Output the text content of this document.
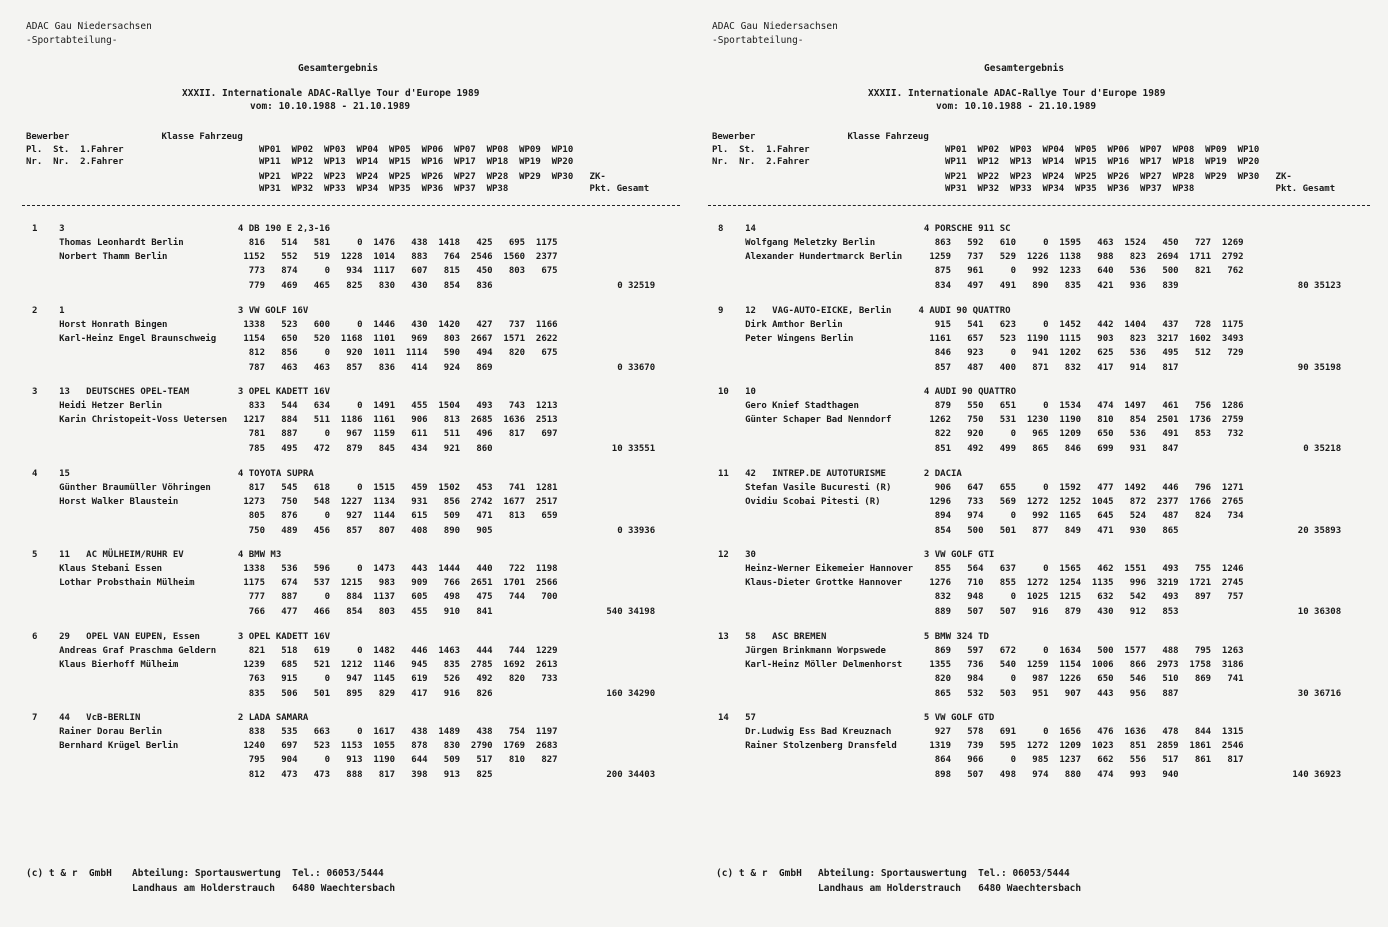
ADAC Gau Niedersachsen
-Sportabteilung-
Gesamtergebnis
XXXII. Internationale ADAC-Rallye Tour d'Europe 1989
vom: 10.10.1988 - 21.10.1989
Bewerber                 Klasse Fahrzeug
Pl.  St.  1.Fahrer                         WP01  WP02  WP03  WP04  WP05  WP06  WP07  WP08  WP09  WP10
Nr.  Nr.  2.Fahrer                         WP11  WP12  WP13  WP14  WP15  WP16  WP17  WP18  WP19  WP20
WP21  WP22  WP23  WP24  WP25  WP26  WP27  WP28  WP29  WP30   ZK-
WP31  WP32  WP33  WP34  WP35  WP36  WP37  WP38               Pkt. Gesamt
1    3                                4 DB 190 E 2,3-16
Thomas Leonhardt Berlin            816   514   581     0  1476   438  1418   425   695  1175
Norbert Thamm Berlin              1152   552   519  1228  1014   883   764  2546  1560  2377
773   874     0   934  1117   607   815   450   803   675
779   469   465   825   830   430   854   836                       0 32519
2    1                                3 VW GOLF 16V
Horst Honrath Bingen              1338   523   600     0  1446   430  1420   427   737  1166
Karl-Heinz Engel Braunschweig     1154   650   520  1168  1101   969   803  2667  1571  2622
812   856     0   920  1011  1114   590   494   820   675
787   463   463   857   836   414   924   869                       0 33670
3    13   DEUTSCHES OPEL-TEAM         3 OPEL KADETT 16V
Heidi Hetzer Berlin                833   544   634     0  1491   455  1504   493   743  1213
Karin Christopeit-Voss Uetersen   1217   884   511  1186  1161   906   813  2685  1636  2513
781   887     0   967  1159   611   511   496   817   697
785   495   472   879   845   434   921   860                      10 33551
4    15                               4 TOYOTA SUPRA
Günther Braumüller Vöhringen       817   545   618     0  1515   459  1502   453   741  1281
Horst Walker Blaustein            1273   750   548  1227  1134   931   856  2742  1677  2517
805   876     0   927  1144   615   509   471   813   659
750   489   456   857   807   408   890   905                       0 33936
5    11   AC MÜLHEIM/RUHR EV          4 BMW M3
Klaus Stebani Essen               1338   536   596     0  1473   443  1444   440   722  1198
Lothar Probsthain Mülheim         1175   674   537  1215   983   909   766  2651  1701  2566
777   887     0   884  1137   605   498   475   744   700
766   477   466   854   803   455   910   841                     540 34198
6    29   OPEL VAN EUPEN, Essen       3 OPEL KADETT 16V
Andreas Graf Praschma Geldern      821   518   619     0  1482   446  1463   444   744  1229
Klaus Bierhoff Mülheim            1239   685   521  1212  1146   945   835  2785  1692  2613
763   915     0   947  1145   619   526   492   820   733
835   506   501   895   829   417   916   826                     160 34290
7    44   VcB-BERLIN                  2 LADA SAMARA
Rainer Dorau Berlin                838   535   663     0  1617   438  1489   438   754  1197
Bernhard Krügel Berlin            1240   697   523  1153  1055   878   830  2790  1769  2683
795   904     0   913  1190   644   509   517   810   827
812   473   473   888   817   398   913   825                     200 34403
(c) t & r  GmbH Abteilung: Sportauswertung  Tel.: 06053/5444
Landhaus am Holderstrauch   6480 Waechtersbach
ADAC Gau Niedersachsen
-Sportabteilung-
Gesamtergebnis
XXXII. Internationale ADAC-Rallye Tour d'Europe 1989
vom: 10.10.1988 - 21.10.1989
Bewerber                 Klasse Fahrzeug
Pl.  St.  1.Fahrer                         WP01  WP02  WP03  WP04  WP05  WP06  WP07  WP08  WP09  WP10
Nr.  Nr.  2.Fahrer                         WP11  WP12  WP13  WP14  WP15  WP16  WP17  WP18  WP19  WP20
WP21  WP22  WP23  WP24  WP25  WP26  WP27  WP28  WP29  WP30   ZK-
WP31  WP32  WP33  WP34  WP35  WP36  WP37  WP38               Pkt. Gesamt
8    14                               4 PORSCHE 911 SC
Wolfgang Meletzky Berlin           863   592   610     0  1595   463  1524   450   727  1269
Alexander Hundertmarck Berlin     1259   737   529  1226  1138   988   823  2694  1711  2792
875   961     0   992  1233   640   536   500   821   762
834   497   491   890   835   421   936   839                      80 35123
9    12   VAG-AUTO-EICKE, Berlin     4 AUDI 90 QUATTRO
Dirk Amthor Berlin                 915   541   623     0  1452   442  1404   437   728  1175
Peter Wingens Berlin              1161   657   523  1190  1115   903   823  3217  1602  3493
846   923     0   941  1202   625   536   495   512   729
857   487   400   871   832   417   914   817                      90 35198
10   10                               4 AUDI 90 QUATTRO
Gero Knief Stadthagen              879   550   651     0  1534   474  1497   461   756  1286
Günter Schaper Bad Nenndorf       1262   750   531  1230  1190   810   854  2501  1736  2759
822   920     0   965  1209   650   536   491   853   732
851   492   499   865   846   699   931   847                       0 35218
11   42   INTREP.DE AUTOTURISME       2 DACIA
Stefan Vasile Bucuresti (R)        906   647   655     0  1592   477  1492   446   796  1271
Ovidiu Scobai Pitesti (R)         1296   733   569  1272  1252  1045   872  2377  1766  2765
894   974     0   992  1165   645   524   487   824   734
854   500   501   877   849   471   930   865                      20 35893
12   30                               3 VW GOLF GTI
Heinz-Werner Eikemeier Hannover    855   564   637     0  1565   462  1551   493   755  1246
Klaus-Dieter Grottke Hannover     1276   710   855  1272  1254  1135   996  3219  1721  2745
832   948     0  1025  1215   632   542   493   897   757
889   507   507   916   879   430   912   853                      10 36308
13   58   ASC BREMEN                  5 BMW 324 TD
Jürgen Brinkmann Worpswede         869   597   672     0  1634   500  1577   488   795  1263
Karl-Heinz Möller Delmenhorst     1355   736   540  1259  1154  1006   866  2973  1758  3186
820   984     0   987  1226   650   546   510   869   741
865   532   503   951   907   443   956   887                      30 36716
14   57                               5 VW GOLF GTD
Dr.Ludwig Ess Bad Kreuznach        927   578   691     0  1656   476  1636   478   844  1315
Rainer Stolzenberg Dransfeld      1319   739   595  1272  1209  1023   851  2859  1861  2546
864   966     0   985  1237   662   556   517   861   817
898   507   498   974   880   474   993   940                     140 36923
(c) t & r  GmbH Abteilung: Sportauswertung  Tel.: 06053/5444
Landhaus am Holderstrauch   6480 Waechtersbach
